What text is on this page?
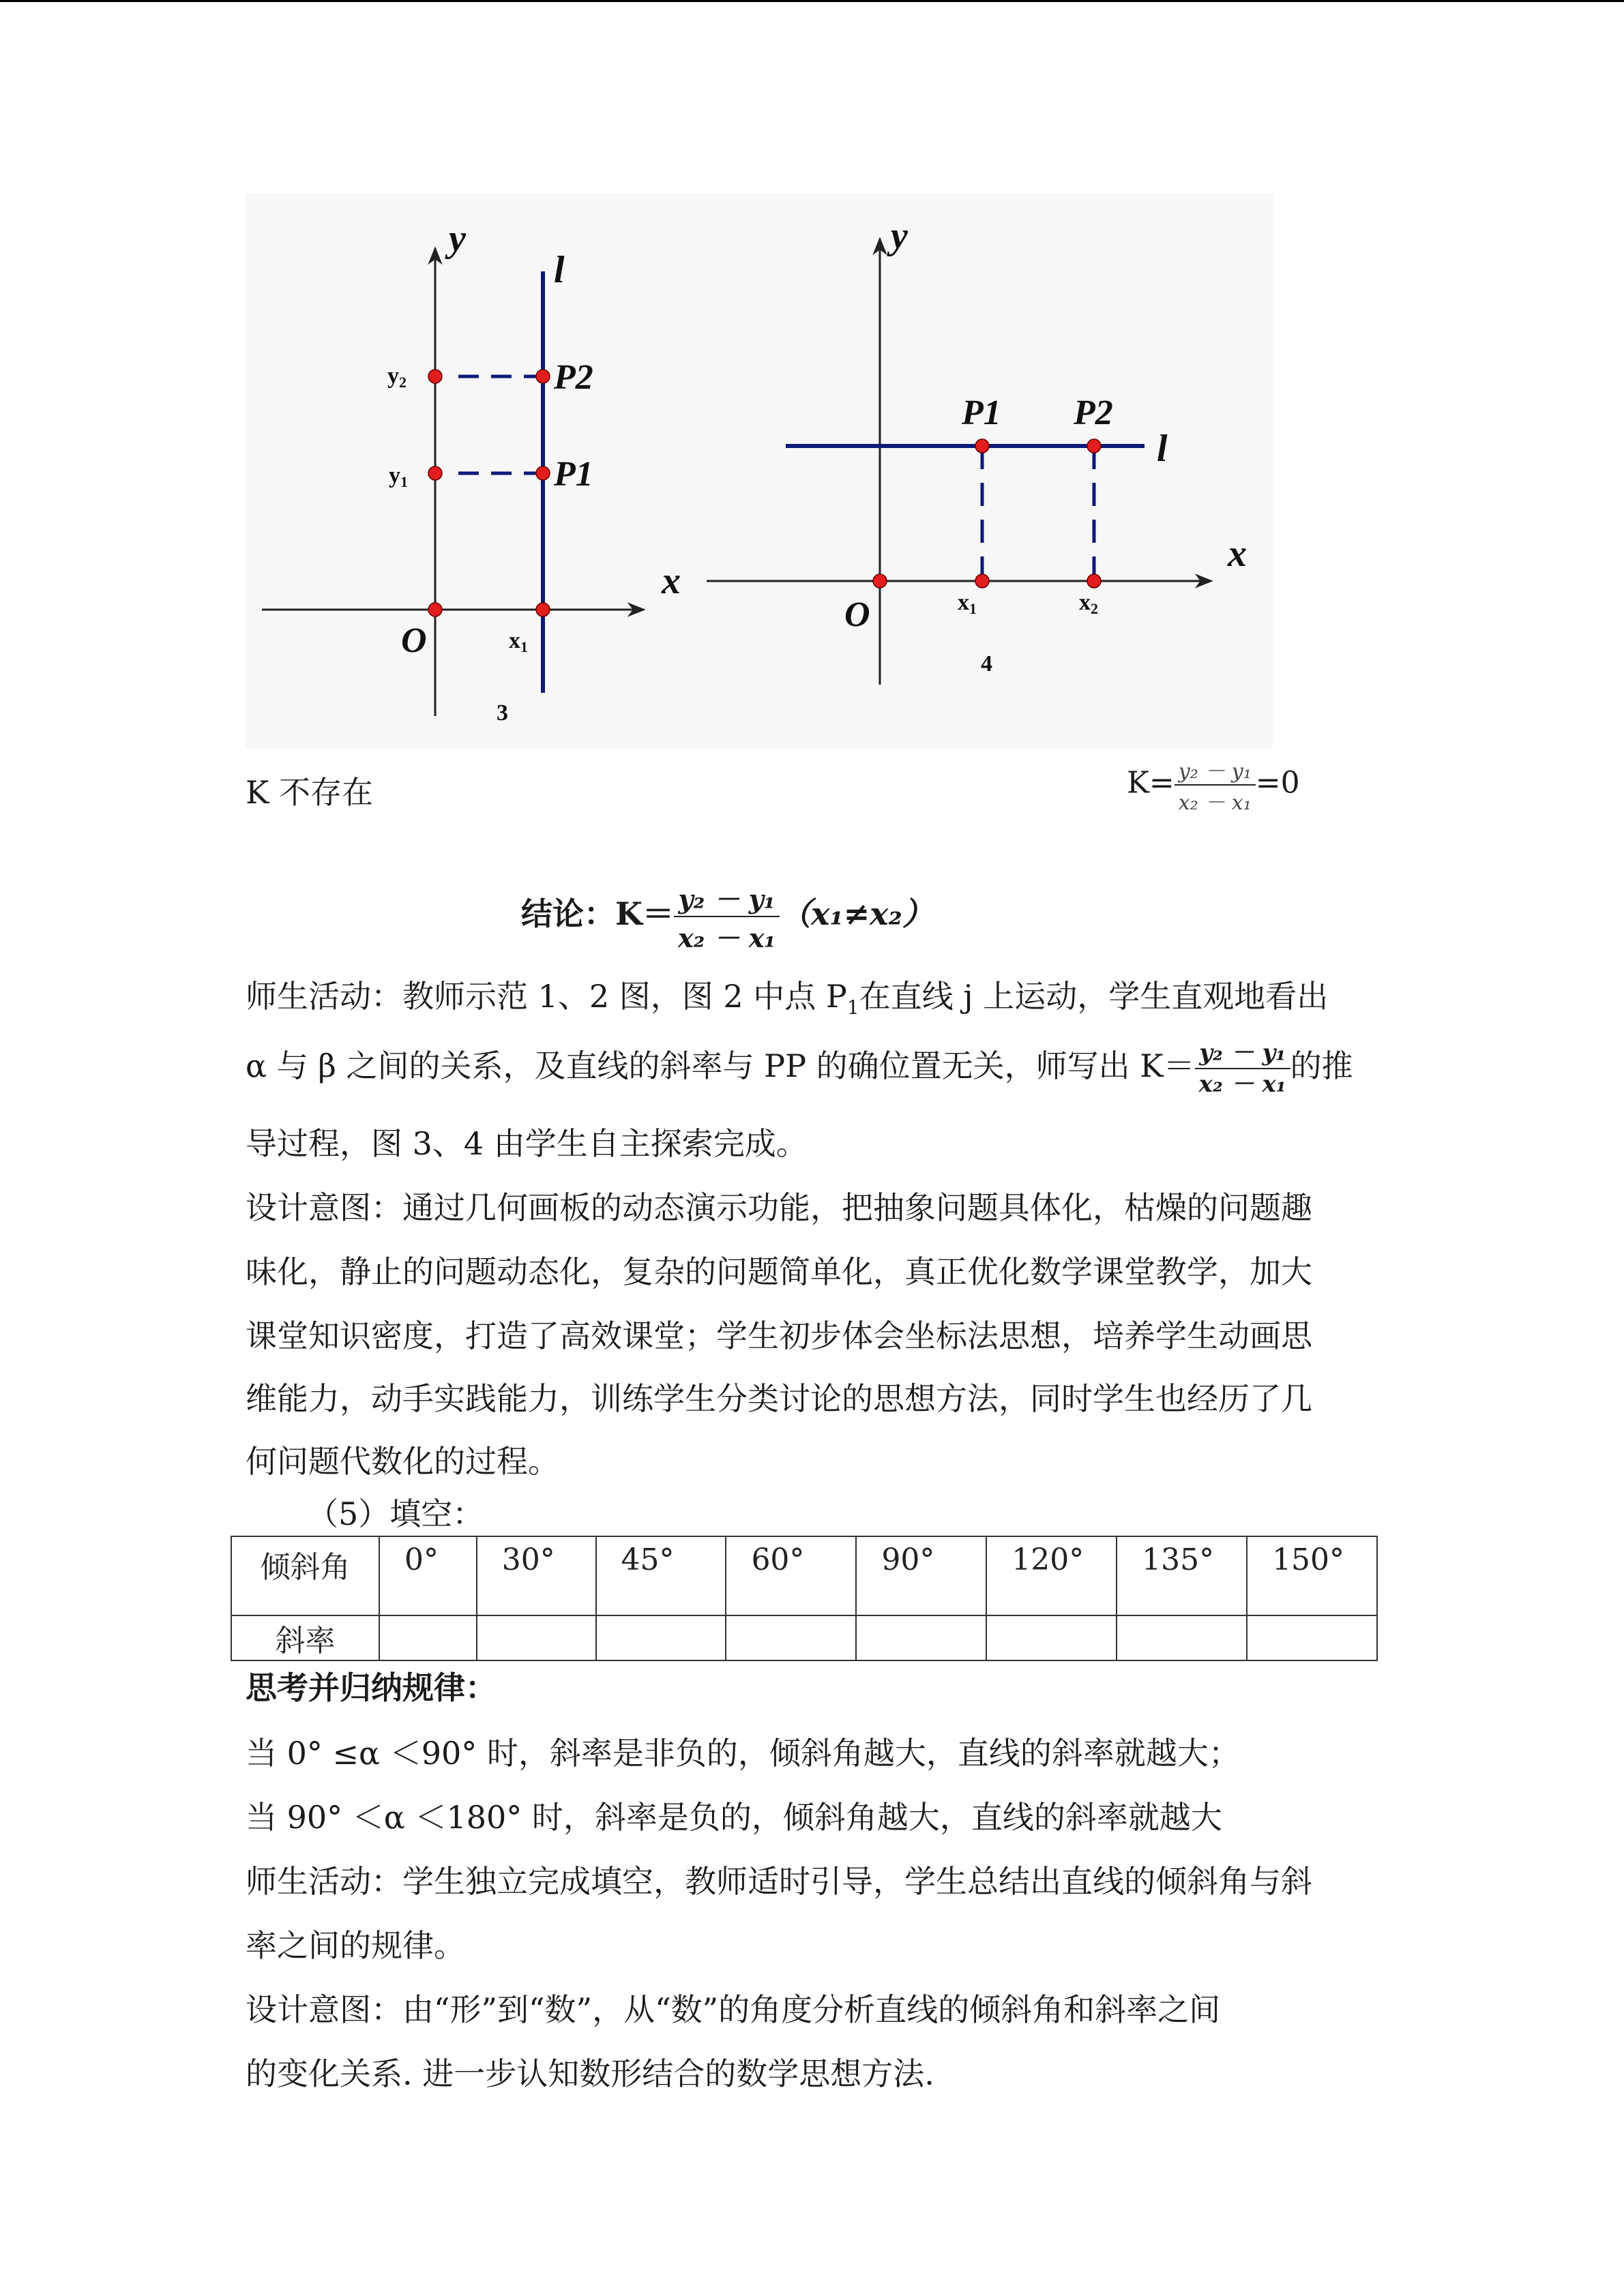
y
x
l
P2
P1
O
y2
y1
x1
3
y
x
l
P1 P2
O	x1	x2
4
K 不存在	$K= \frac{\text{y₂ － y₁}}{\text{x₂ － x₁}} =0$
结论：$K= \frac{\text{y₂ － y₁}}{\text{x₂ － x₁}} (x_1\ne x_2)$
师生活动：教师示范 1、2 图，图 2 中点 $P_1$在直线 j 上运动，学生直观地看出
α 与 β 之间的关系，及直线的斜率与 PP 的确位置无关，师写出 $K= \frac{\text{y₂ － y₁}}{\text{x₂ － x₁}}$ 的推
导过程，图 3、4 由学生自主探索完成。
设计意图：通过几何画板的动态演示功能，把抽象问题具体化，枯燥的问题趣
味化，静止的问题动态化，复杂的问题简单化，真正优化数学课堂教学，加大
课堂知识密度，打造了高效课堂；学生初步体会坐标法思想，培养学生动画思
维能力，动手实践能力，训练学生分类讨论的思想方法，同时学生也经历了几
何问题代数化的过程。
（5）填空：
倾斜角	0°	30°	45°	60°	90°	120°	135°	150°
斜率								
思考并归纳规律：
当 0° ≤α ＜90° 时，斜率是非负的，倾斜角越大，直线的斜率就越大；
当 90° ＜α ＜180° 时，斜率是负的，倾斜角越大，直线的斜率就越大
师生活动：学生独立完成填空，教师适时引导，学生总结出直线的倾斜角与斜
率之间的规律。
设计意图：由“形”到“数”，从“数”的角度分析直线的倾斜角和斜率之间
的变化关系. 进一步认知数形结合的数学思想方法.
